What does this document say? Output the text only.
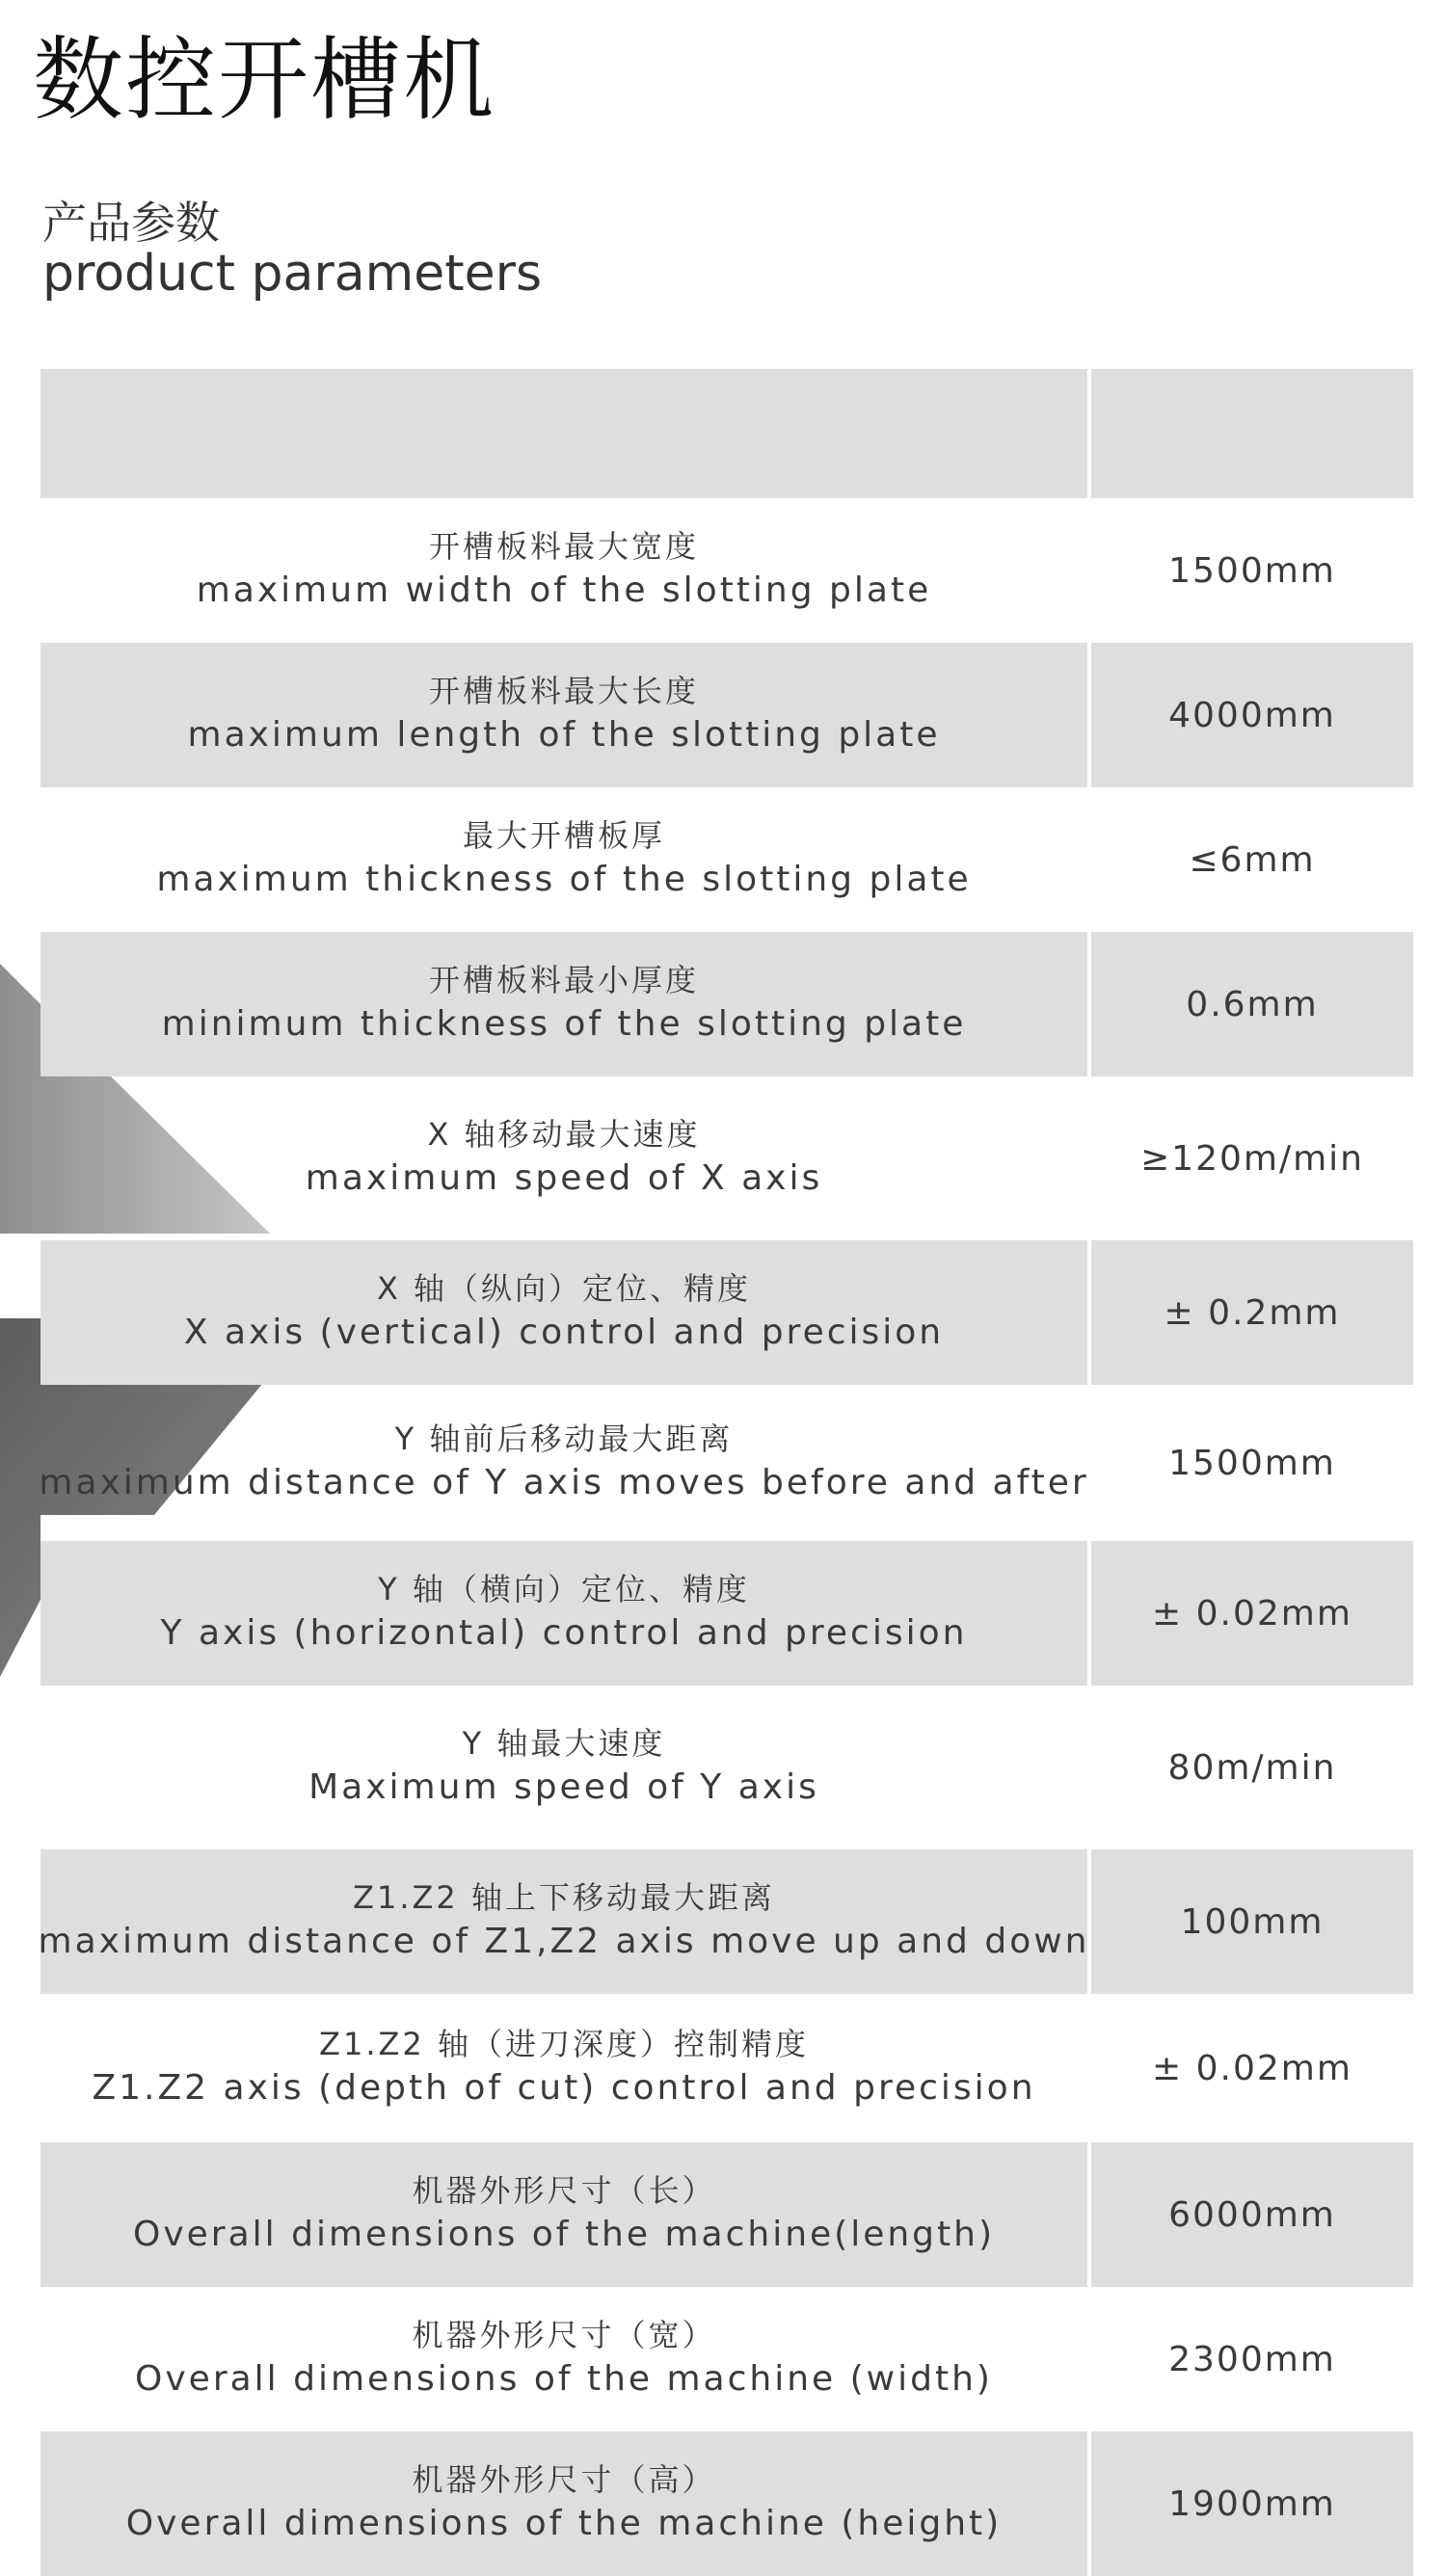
数控开槽机
产品参数
product parameters
开槽板料最大宽度
maximum width of the slotting plate
1500mm
开槽板料最大长度
maximum length of the slotting plate
4000mm
最大开槽板厚
maximum thickness of the slotting plate
≤6mm
开槽板料最小厚度
minimum thickness of the slotting plate
0.6mm
X 轴移动最大速度
maximum speed of X axis
≥120m/min
X 轴（纵向）定位、精度
X axis (vertical) control and precision
± 0.2mm
Y 轴前后移动最大距离
maximum distance of Y axis moves before and after
1500mm
Y 轴（横向）定位、精度
Y axis (horizontal) control and precision
± 0.02mm
Y 轴最大速度
Maximum speed of Y axis
80m/min
Z1.Z2 轴上下移动最大距离
maximum distance of Z1,Z2 axis move up and down
100mm
Z1.Z2 轴（进刀深度）控制精度
Z1.Z2 axis (depth of cut) control and precision
± 0.02mm
机器外形尺寸（长）
Overall dimensions of the machine(length)
6000mm
机器外形尺寸（宽）
Overall dimensions of the machine (width)
2300mm
机器外形尺寸（高）
Overall dimensions of the machine (height)
1900mm
